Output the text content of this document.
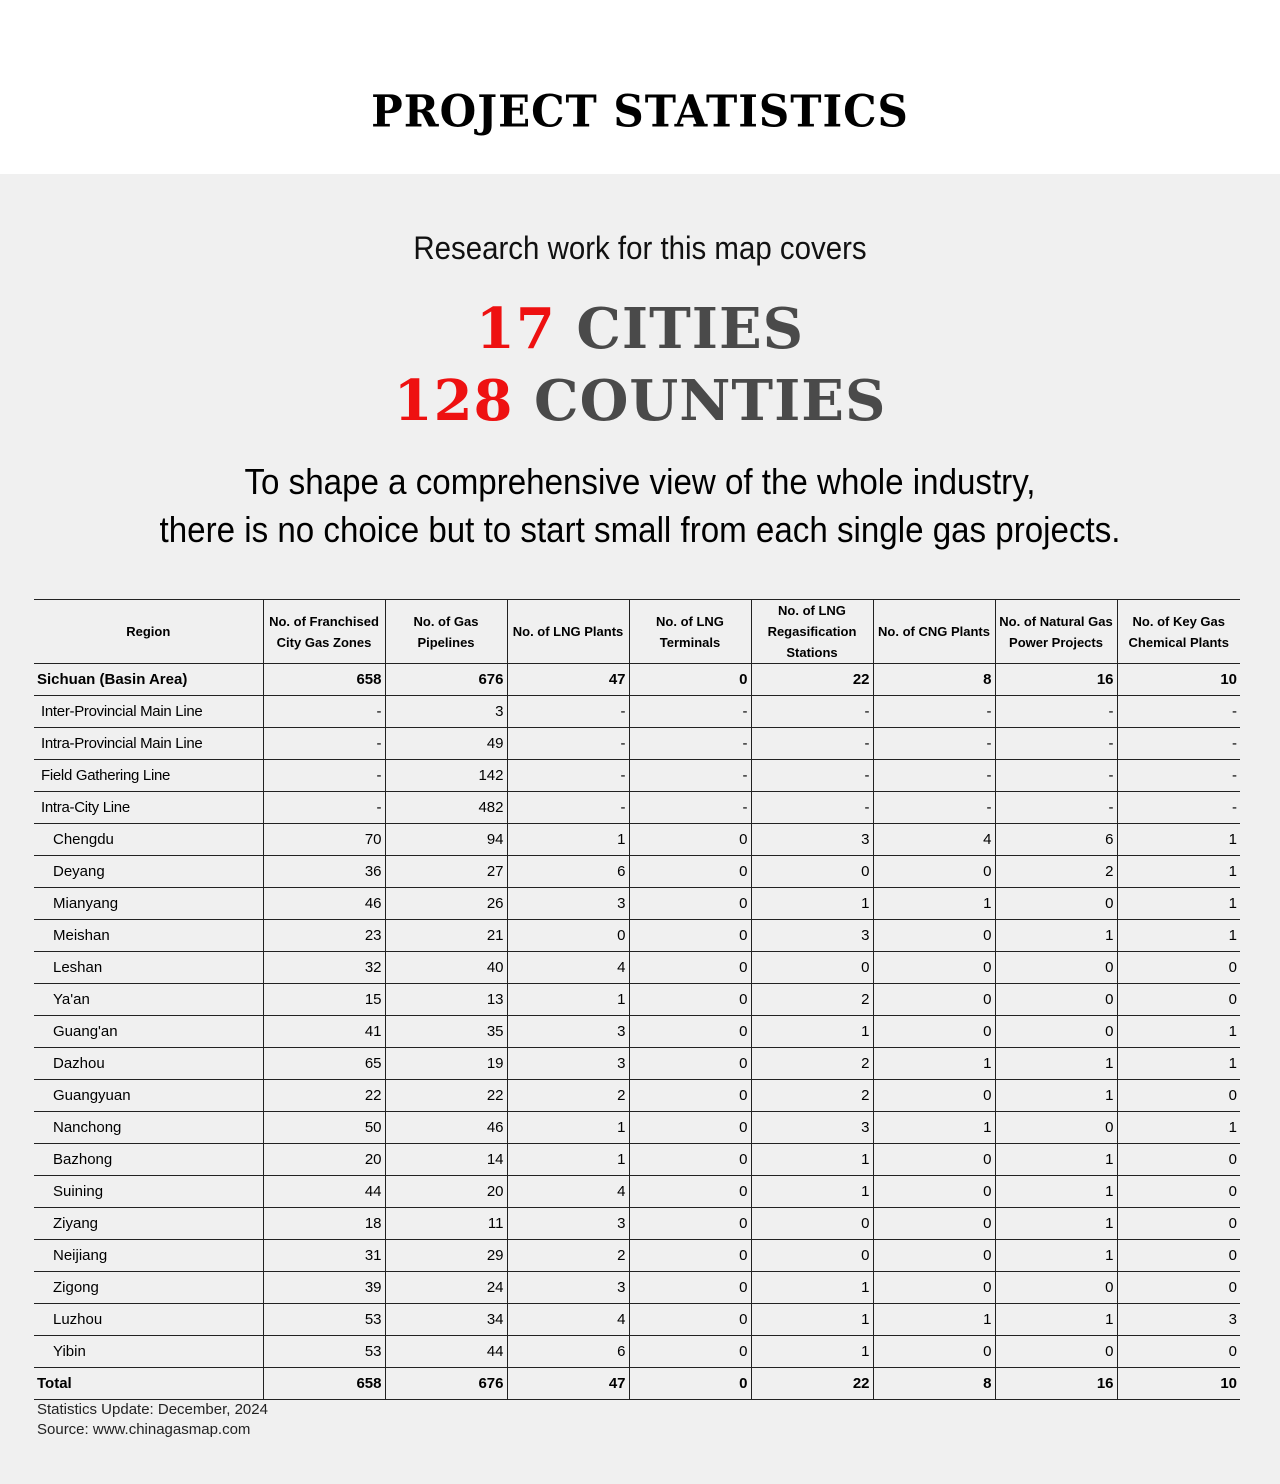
PROJECT STATISTICS
Research work for this map covers
17 CITIES
128 COUNTIES
To shape a comprehensive view of the whole industry,
there is no choice but to start small from each single gas projects.
Region	No. of Franchised City Gas Zones	No. of Gas Pipelines	No. of LNG Plants	No. of LNG Terminals	No. of LNG Regasification Stations	No. of CNG Plants	No. of Natural Gas Power Projects	No. of Key Gas Chemical Plants
Sichuan (Basin Area)	658	676	47	0	22	8	16	10
Inter-Provincial Main Line	-	3	-	-	-	-	-	-
Intra-Provincial Main Line	-	49	-	-	-	-	-	-
Field Gathering Line	-	142	-	-	-	-	-	-
Intra-City Line	-	482	-	-	-	-	-	-
Chengdu	70	94	1	0	3	4	6	1
Deyang	36	27	6	0	0	0	2	1
Mianyang	46	26	3	0	1	1	0	1
Meishan	23	21	0	0	3	0	1	1
Leshan	32	40	4	0	0	0	0	0
Ya'an	15	13	1	0	2	0	0	0
Guang'an	41	35	3	0	1	0	0	1
Dazhou	65	19	3	0	2	1	1	1
Guangyuan	22	22	2	0	2	0	1	0
Nanchong	50	46	1	0	3	1	0	1
Bazhong	20	14	1	0	1	0	1	0
Suining	44	20	4	0	1	0	1	0
Ziyang	18	11	3	0	0	0	1	0
Neijiang	31	29	2	0	0	0	1	0
Zigong	39	24	3	0	1	0	0	0
Luzhou	53	34	4	0	1	1	1	3
Yibin	53	44	6	0	1	0	0	0
Total	658	676	47	0	22	8	16	10
Statistics Update: December, 2024
Source: www.chinagasmap.com
